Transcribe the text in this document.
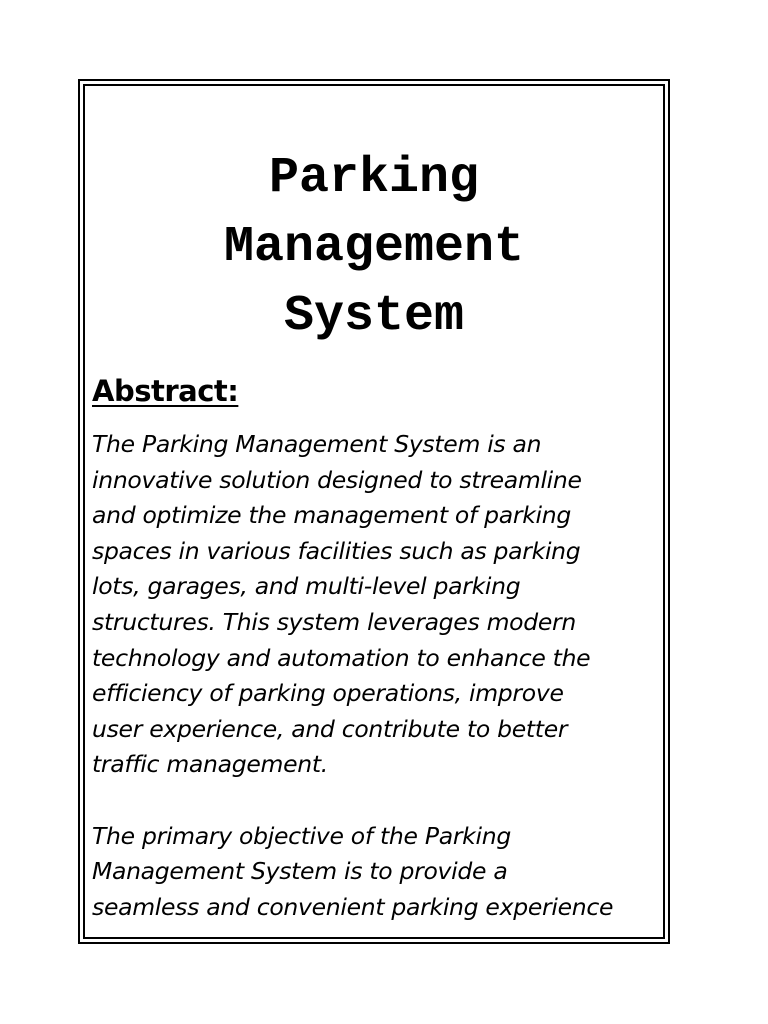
Parking
Management
System
Abstract:
The Parking Management System is an
innovative solution designed to streamline
and optimize the management of parking
spaces in various facilities such as parking
lots, garages, and multi-level parking
structures. This system leverages modern
technology and automation to enhance the
efficiency of parking operations, improve
user experience, and contribute to better
traffic management.
The primary objective of the Parking
Management System is to provide a
seamless and convenient parking experience
